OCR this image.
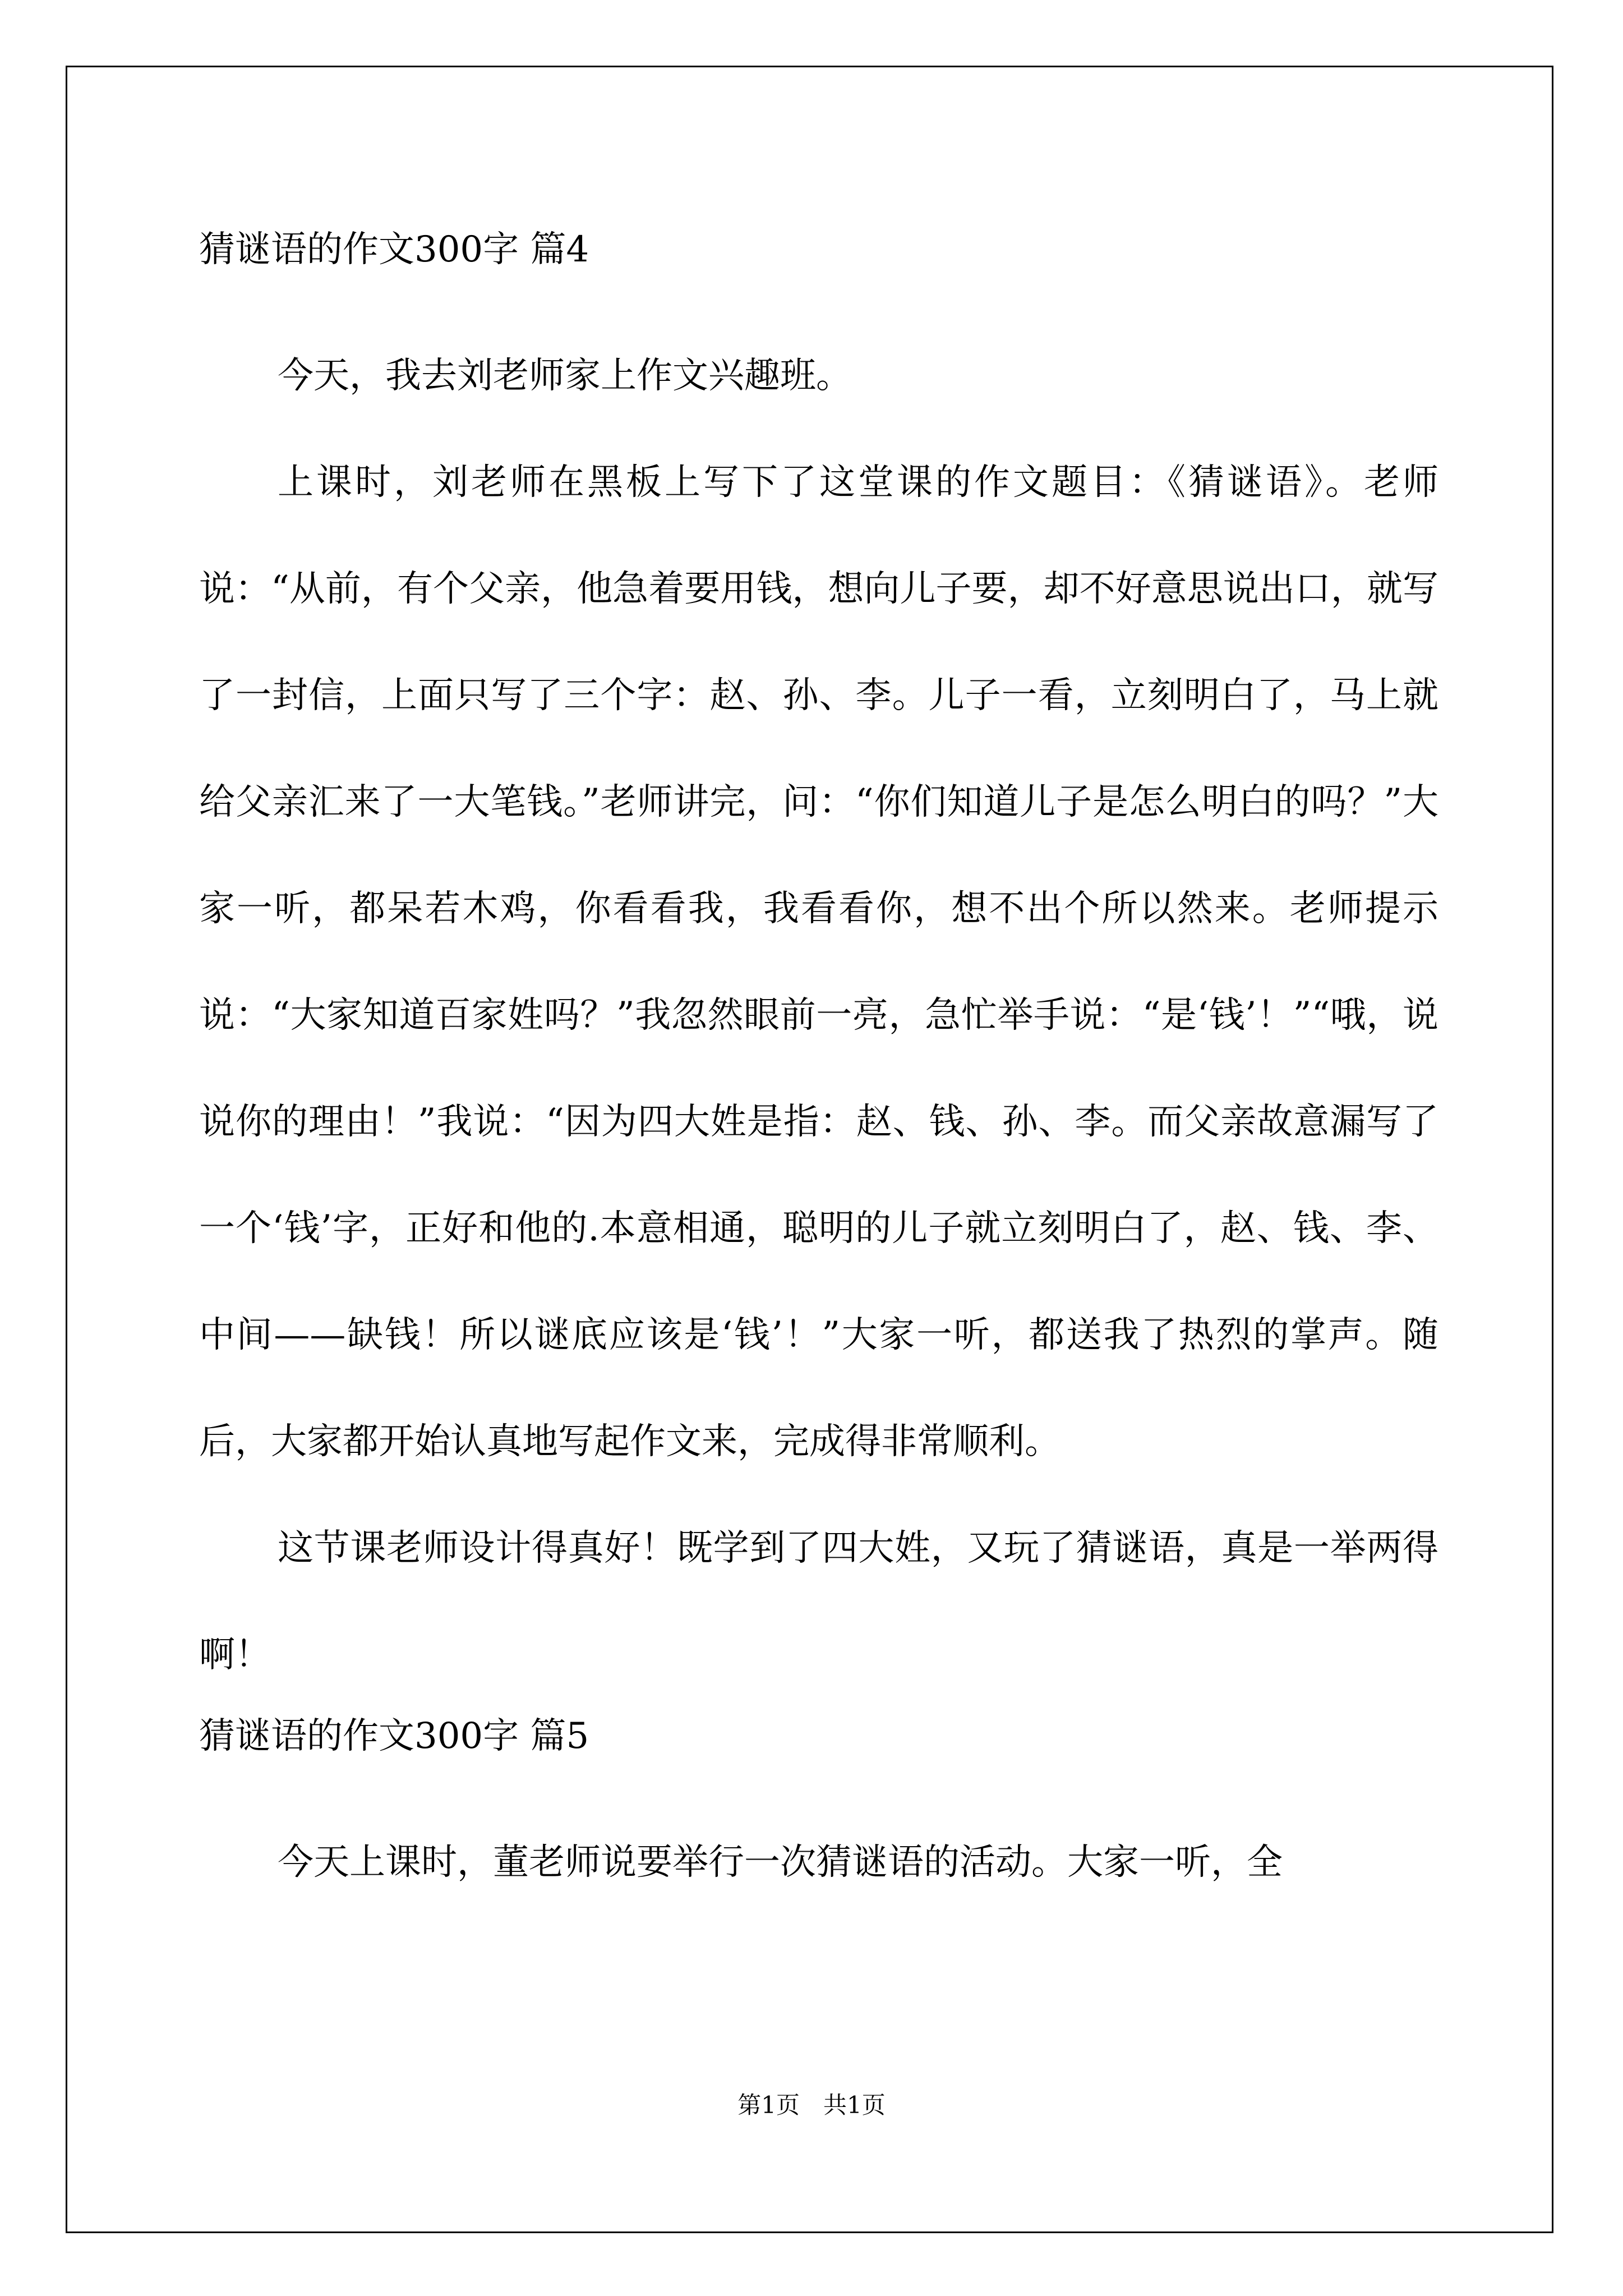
猜谜语的作文300字 篇4

今天，我去刘老师家上作文兴趣班。

上课时，刘老师在黑板上写下了这堂课的作文题目：《猜谜语》。老师说：“从前，有个父亲，他急着要用钱，想向儿子要，却不好意思说出口，就写了一封信，上面只写了三个字：赵、孙、李。儿子一看，立刻明白了，马上就给父亲汇来了一大笔钱。”老师讲完，问：“你们知道儿子是怎么明白的吗？”大家一听，都呆若木鸡，你看看我，我看看你，想不出个所以然来。老师提示说：“大家知道百家姓吗？”我忽然眼前一亮，急忙举手说：“是‘钱’！”“哦，说说你的理由！”我说：“因为四大姓是指：赵、钱、孙、李。而父亲故意漏写了一个‘钱’字，正好和他的.本意相通，聪明的儿子就立刻明白了，赵、钱、李、中间——缺钱！所以谜底应该是‘钱’！”大家一听，都送我了热烈的掌声。随后，大家都开始认真地写起作文来，完成得非常顺利。

这节课老师设计得真好！既学到了四大姓，又玩了猜谜语，真是一举两得啊！

猜谜语的作文300字 篇5

今天上课时，董老师说要举行一次猜谜语的活动。大家一听，全

第1页　共1页
